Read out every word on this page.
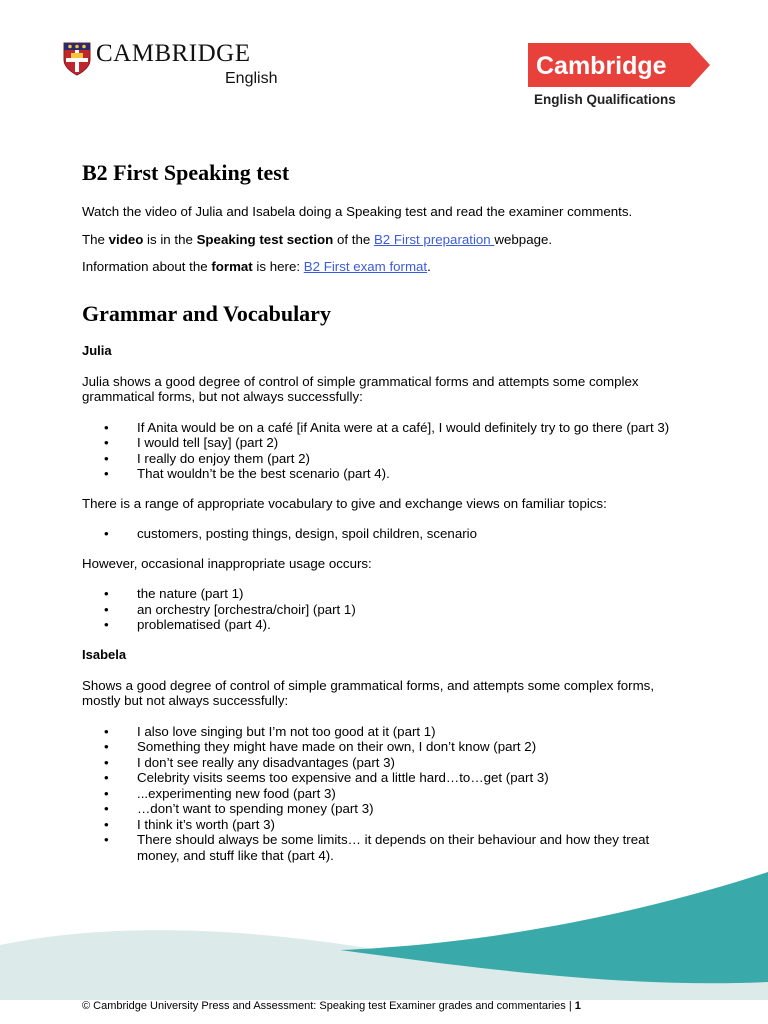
CAMBRIDGE
English	Cambridge
English Qualifications
B2 First Speaking test

Watch the video of Julia and Isabela doing a Speaking test and read the examiner comments.

The video is in the Speaking test section of the B2 First preparation webpage.

Information about the format is here: B2 First exam format.

Grammar and Vocabulary
Julia

Julia shows a good degree of control of simple grammatical forms and attempts some complex grammatical forms, but not always successfully:

• If Anita would be on a café [if Anita were at a café], I would definitely try to go there (part 3)
• I would tell [say] (part 2)
• I really do enjoy them (part 2)
• That wouldn’t be the best scenario (part 4).

There is a range of appropriate vocabulary to give and exchange views on familiar topics:

• customers, posting things, design, spoil children, scenario

However, occasional inappropriate usage occurs:

• the nature (part 1)
• an orchestry [orchestra/choir] (part 1)
• problematised (part 4).
Isabela

Shows a good degree of control of simple grammatical forms, and attempts some complex forms, mostly but not always successfully:

• I also love singing but I’m not too good at it (part 1)
• Something they might have made on their own, I don’t know (part 2)
• I don’t see really any disadvantages (part 3)
• Celebrity visits seems too expensive and a little hard…to…get (part 3)
• ...experimenting new food (part 3)
• …don’t want to spending money (part 3)
• I think it’s worth (part 3)
• There should always be some limits… it depends on their behaviour and how they treat money, and stuff like that (part 4).
© Cambridge University Press and Assessment: Speaking test Examiner grades and commentaries | 1
